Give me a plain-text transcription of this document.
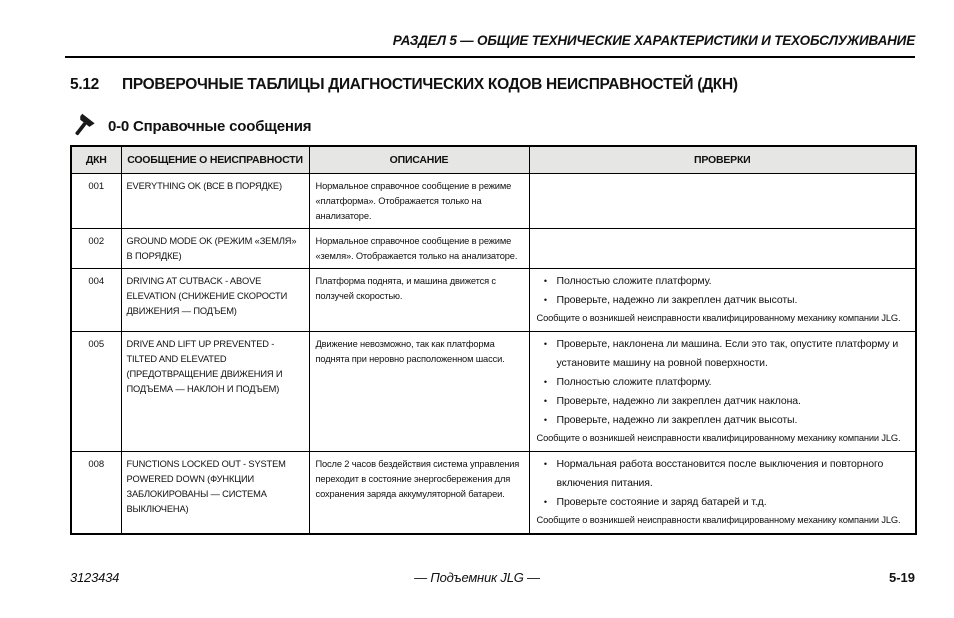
РАЗДЕЛ 5 — ОБЩИЕ ТЕХНИЧЕСКИЕ ХАРАКТЕРИСТИКИ И ТЕХОБСЛУЖИВАНИЕ
5.12	ПРОВЕРОЧНЫЕ ТАБЛИЦЫ ДИАГНОСТИЧЕСКИХ КОДОВ НЕИСПРАВНОСТЕЙ (ДКН)
0-0 Справочные сообщения
ДКН	СООБЩЕНИЕ О НЕИСПРАВНОСТИ	ОПИСАНИЕ	ПРОВЕРКИ
001	EVERYTHING OK (ВСЕ В ПОРЯДКЕ)	Нормальное справочное сообщение в режиме «платформа». Отображается только на анализаторе.	

002	GROUND MODE OK (РЕЖИМ «ЗЕМЛЯ» В ПОРЯДКЕ)	Нормальное справочное сообщение в режиме «земля». Отображается только на анализаторе.	

004	DRIVING AT CUTBACK - ABOVE ELEVATION (СНИЖЕНИЕ СКОРОСТИ ДВИЖЕНИЯ — ПОДЪЕМ)	Платформа поднята, и машина движется с ползучей скоростью.	• Полностью сложите платформу.
• Проверьте, надежно ли закреплен датчик высоты.
Сообщите о возникшей неисправности квалифицированному механику компании JLG.

005	DRIVE AND LIFT UP PREVENTED - TILTED AND ELEVATED (ПРЕДОТВРАЩЕНИЕ ДВИЖЕНИЯ И ПОДЪЕМА — НАКЛОН И ПОДЪЕМ)	Движение невозможно, так как платформа поднята при неровно расположенном шасси.	
• Проверьте, наклонена ли машина. Если это так, опустите платформу и установите машину на ровной поверхности.
• Полностью сложите платформу.
• Проверьте, надежно ли закреплен датчик наклона.
• Проверьте, надежно ли закреплен датчик высоты.
Сообщите о возникшей неисправности квалифицированному механику компании JLG.

008	FUNCTIONS LOCKED OUT - SYSTEM POWERED DOWN (ФУНКЦИИ ЗАБЛОКИРОВАНЫ — СИСТЕМА ВЫКЛЮЧЕНА)	После 2 часов бездействия система управления переходит в состояние энергосбережения для сохранения заряда аккумуляторной батареи.	• Нормальная работа восстановится после выключения и повторного включения питания.
• Проверьте состояние и заряд батарей и т.д.
Сообщите о возникшей неисправности квалифицированному механику компании JLG.
3123434	— Подъемник JLG —	5-19
